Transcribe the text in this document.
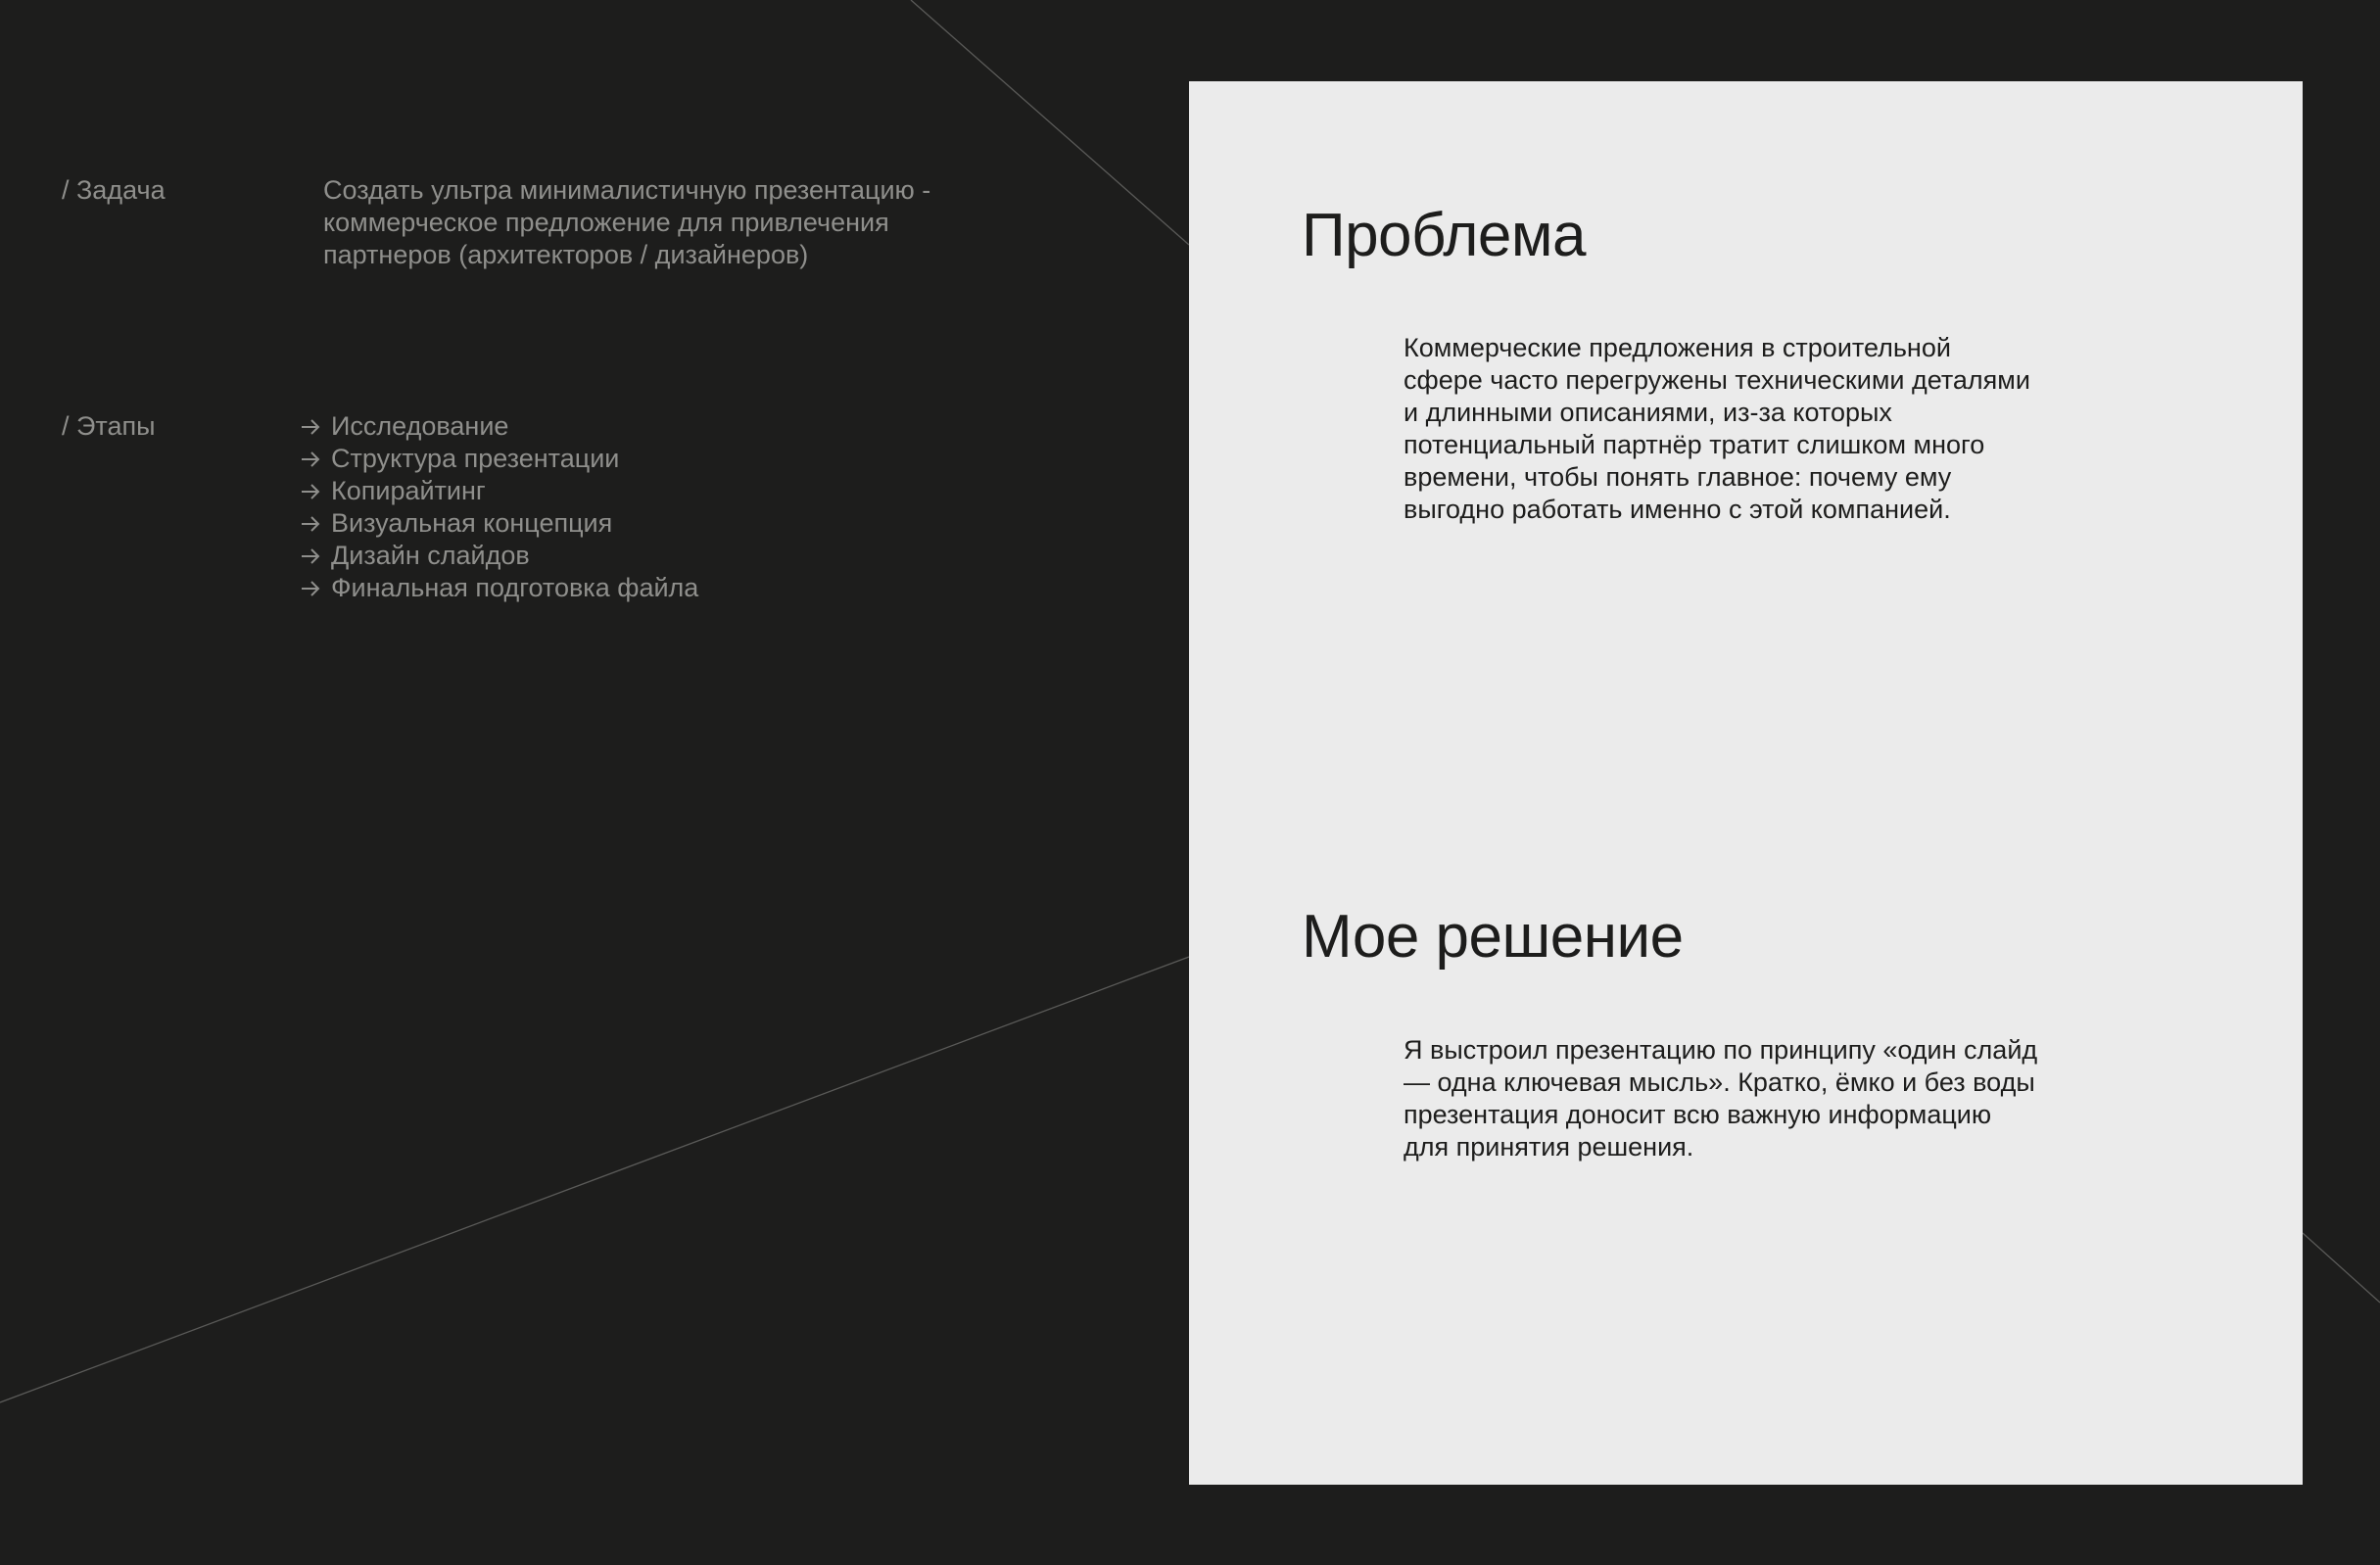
/ Задача	Создать ультра минималистичную презентацию -
коммерческое предложение для привлечения
партнеров (архитекторов / дизайнеров)
/ Этапы	Исследование
Структура презентации
Копирайтинг
Визуальная концепция
Дизайн слайдов
Финальная подготовка файла
Проблема
Коммерческие предложения в строительной
сфере часто перегружены техническими деталями
и длинными описаниями, из-за которых
потенциальный партнёр тратит слишком много
времени, чтобы понять главное: почему ему
выгодно работать именно с этой компанией.
Мое решение
Я выстроил презентацию по принципу «один слайд
— одна ключевая мысль». Кратко, ёмко и без воды
презентация доносит всю важную информацию
для принятия решения.
